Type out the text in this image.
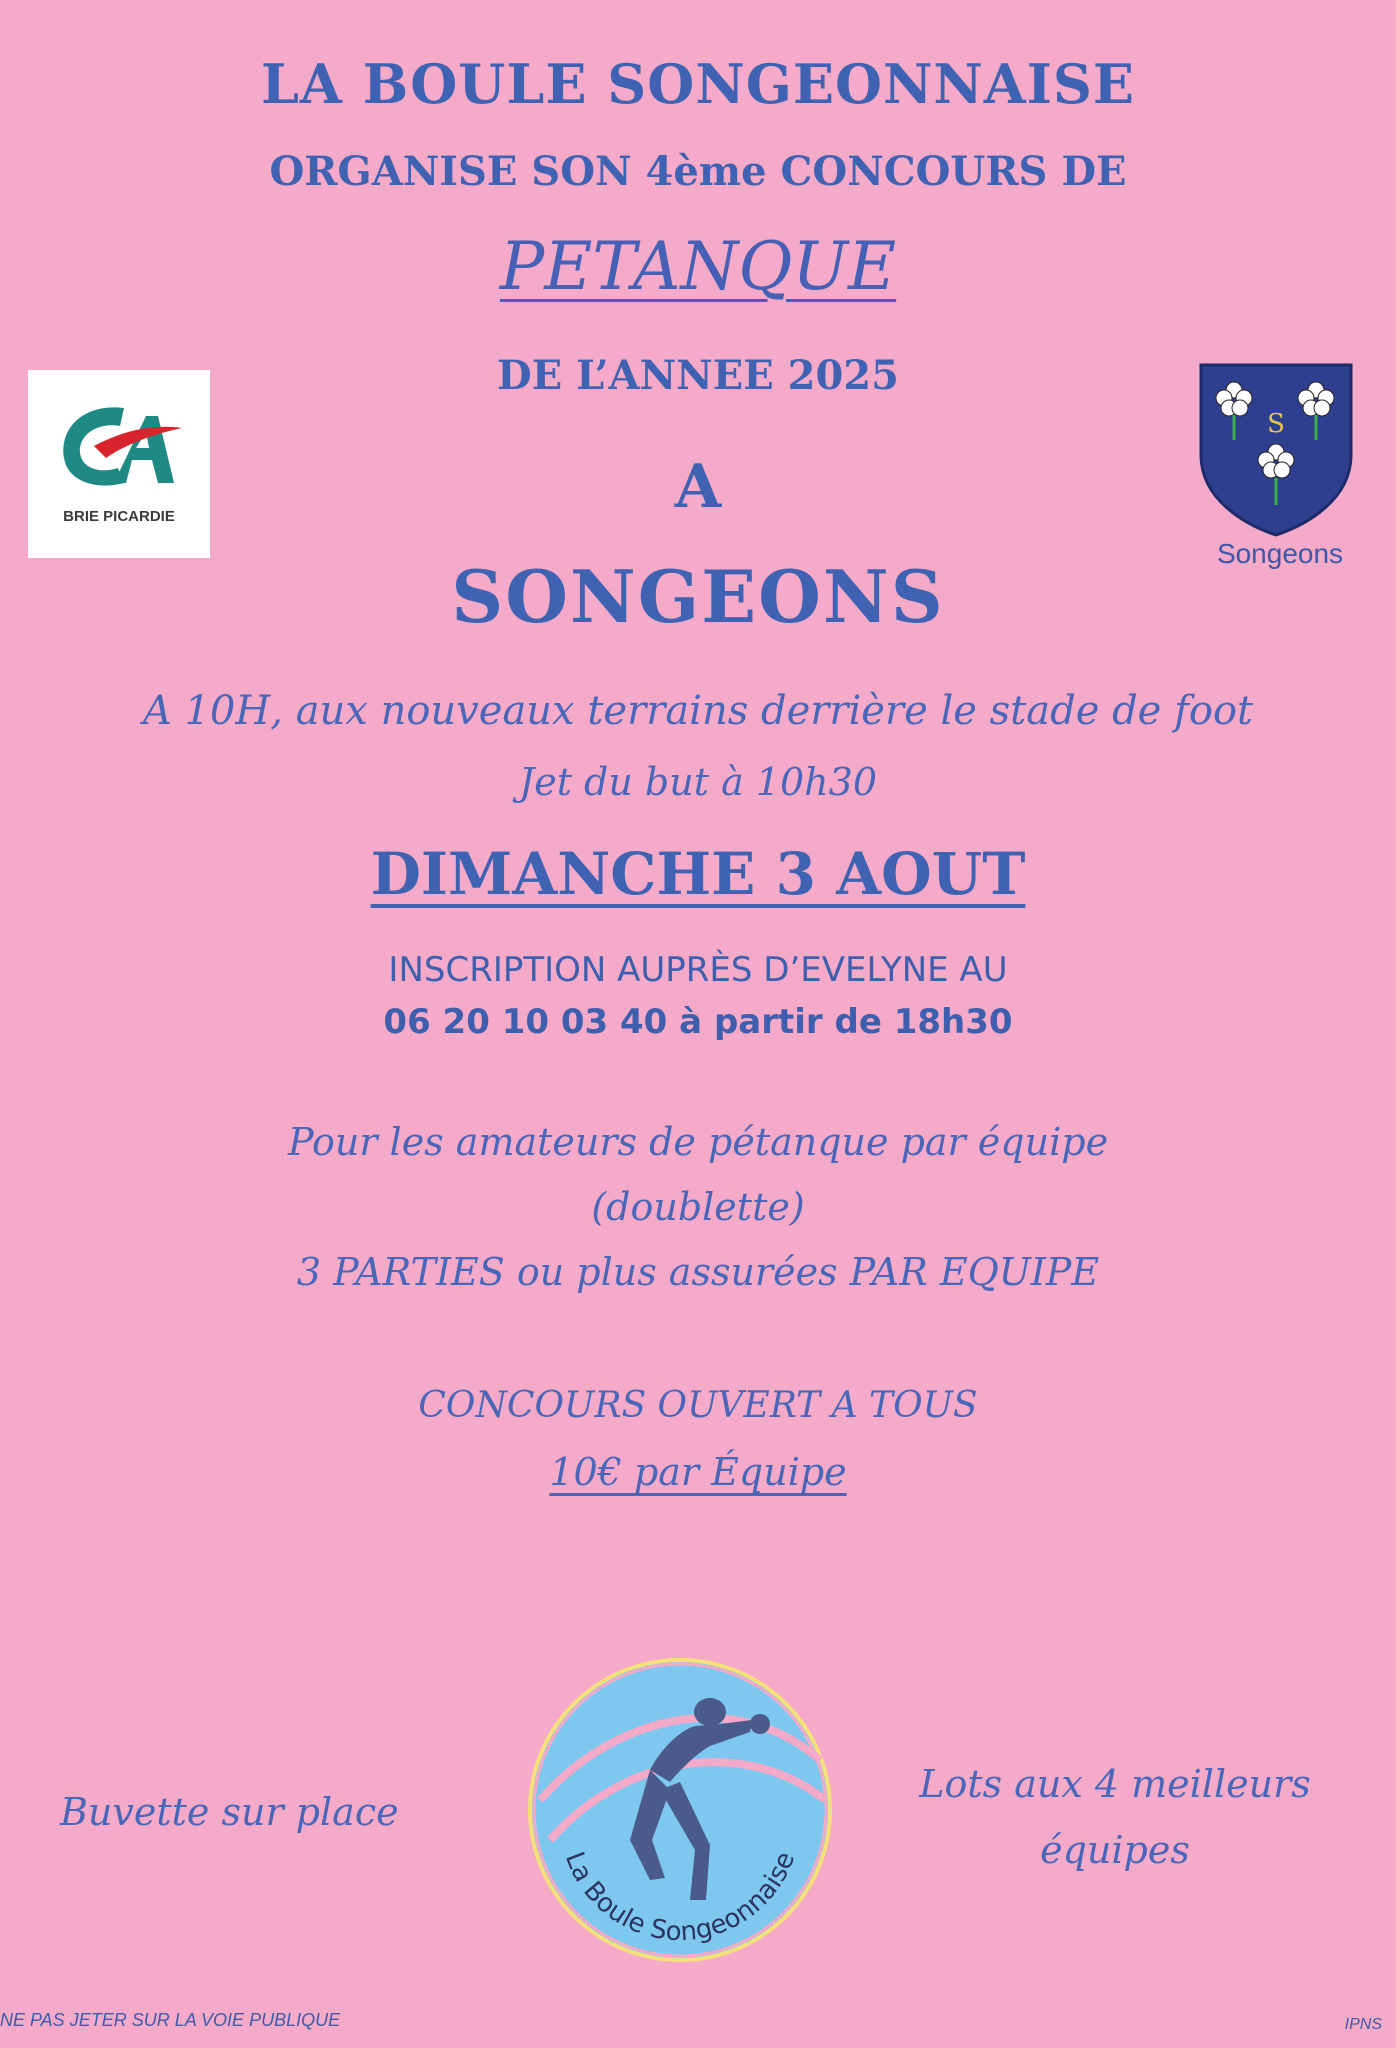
LA BOULE SONGEONNAISE
ORGANISE SON 4ème CONCOURS DE
PETANQUE
DE L’ANNEE 2025
A
SONGEONS
BRIE PICARDIE
S
Songeons
A 10H, aux nouveaux terrains derrière le stade de foot
Jet du but à 10h30
DIMANCHE 3 AOUT
INSCRIPTION AUPRÈS D’EVELYNE AU
06 20 10 03 40 à partir de 18h30
Pour les amateurs de pétanque par équipe
(doublette)
3 PARTIES ou plus assurées PAR EQUIPE
CONCOURS OUVERT A TOUS
10€ par Équipe
Buvette sur place
Lots aux 4 meilleurs
équipes
La Boule Songeonnaise
NE PAS JETER SUR LA VOIE PUBLIQUE	IPNS
